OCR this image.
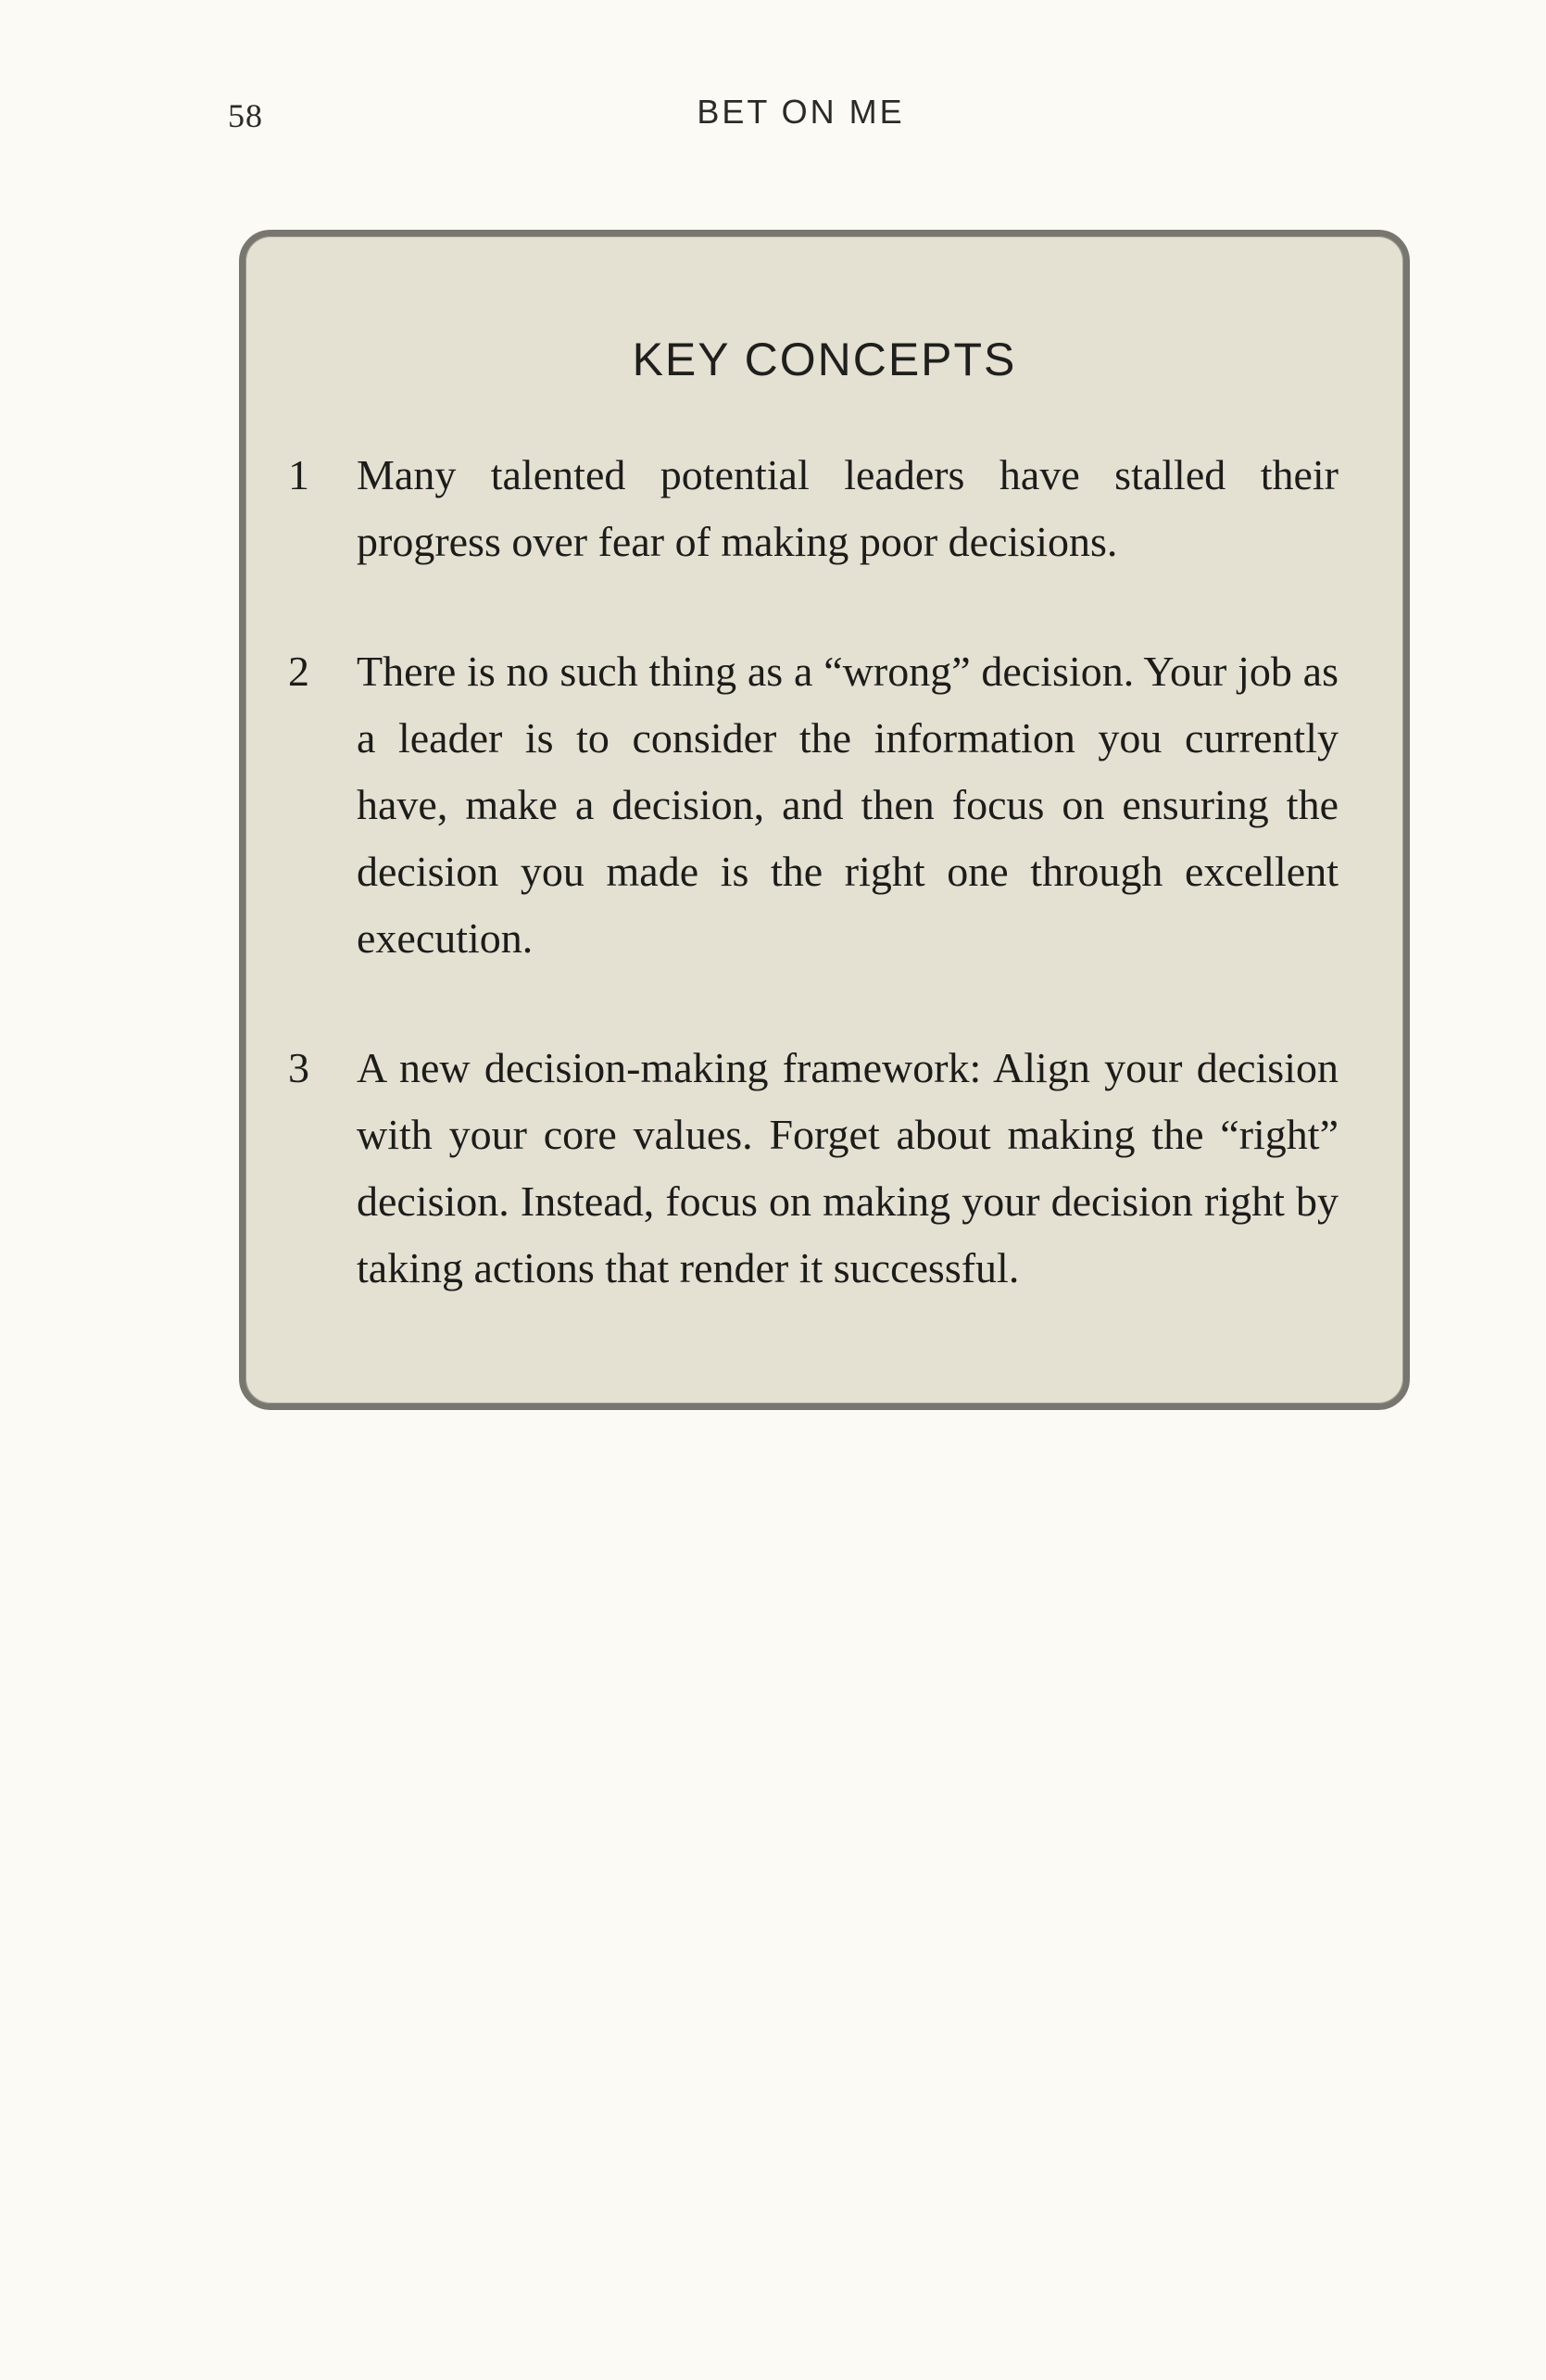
58	BET ON ME
KEY CONCEPTS
1 Many talented potential leaders have stalled their progress over fear of making poor decisions.

2 There is no such thing as a “wrong” decision. Your job as a leader is to consider the information you currently have, make a decision, and then focus on ensuring the decision you made is the right one through excellent execution.

3 A new decision-making framework: Align your decision with your core values. Forget about making the “right” decision. Instead, focus on making your decision right by taking actions that render it successful.
